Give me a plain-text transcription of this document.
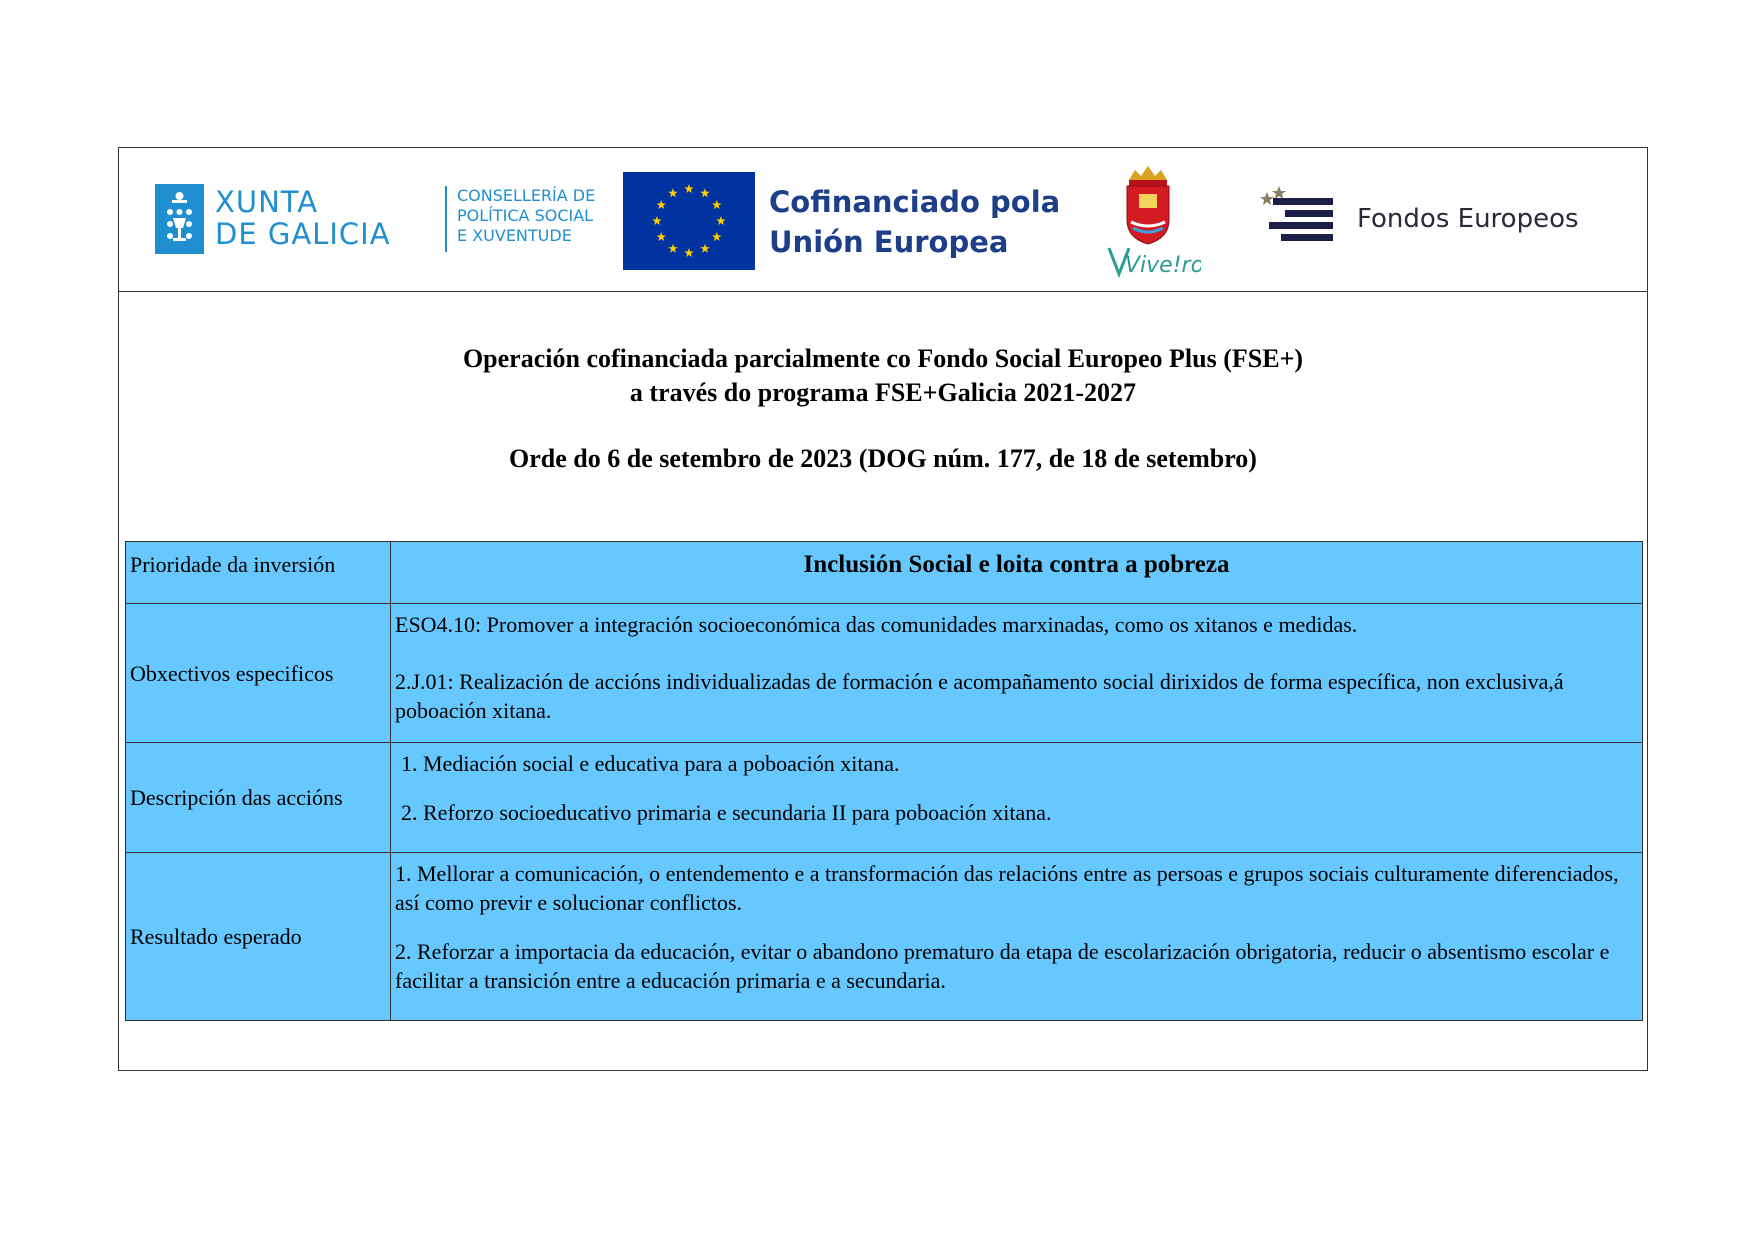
XUNTA
DE GALICIA
CONSELLERÍA DE
POLÍTICA SOCIAL
E XUVENTUDE
Cofinanciado pola
Unión Europea
Vive!ro
Fondos Europeos
Operación cofinanciada parcialmente co Fondo Social Europeo Plus (FSE+)
a través do programa FSE+Galicia 2021-2027
Orde do 6 de setembro de 2023 (DOG núm. 177, de 18 de setembro)
Prioridade da inversión	Inclusión Social e loita contra a pobreza
Obxectivos especificos	ESO4.10: Promover a integración socioeconómica das comunidades marxinadas, como os xitanos e medidas.

2.J.01: Realización de accións individualizadas de formación e acompañamento social dirixidos de forma específica, non exclusiva,á poboación xitana.

Descripción das accións	1. Mediación social e educativa para a poboación xitana.

2. Reforzo socioeducativo primaria e secundaria II para poboación xitana.

Resultado esperado	1. Mellorar a comunicación, o entendemento e a transformación das relacións entre as persoas e grupos sociais culturamente diferenciados, así como previr e solucionar conflictos.

2. Reforzar a importacia da educación, evitar o abandono prematuro da etapa de escolarización obrigatoria, reducir o absentismo escolar e facilitar a transición entre a educación primaria e a secundaria.
